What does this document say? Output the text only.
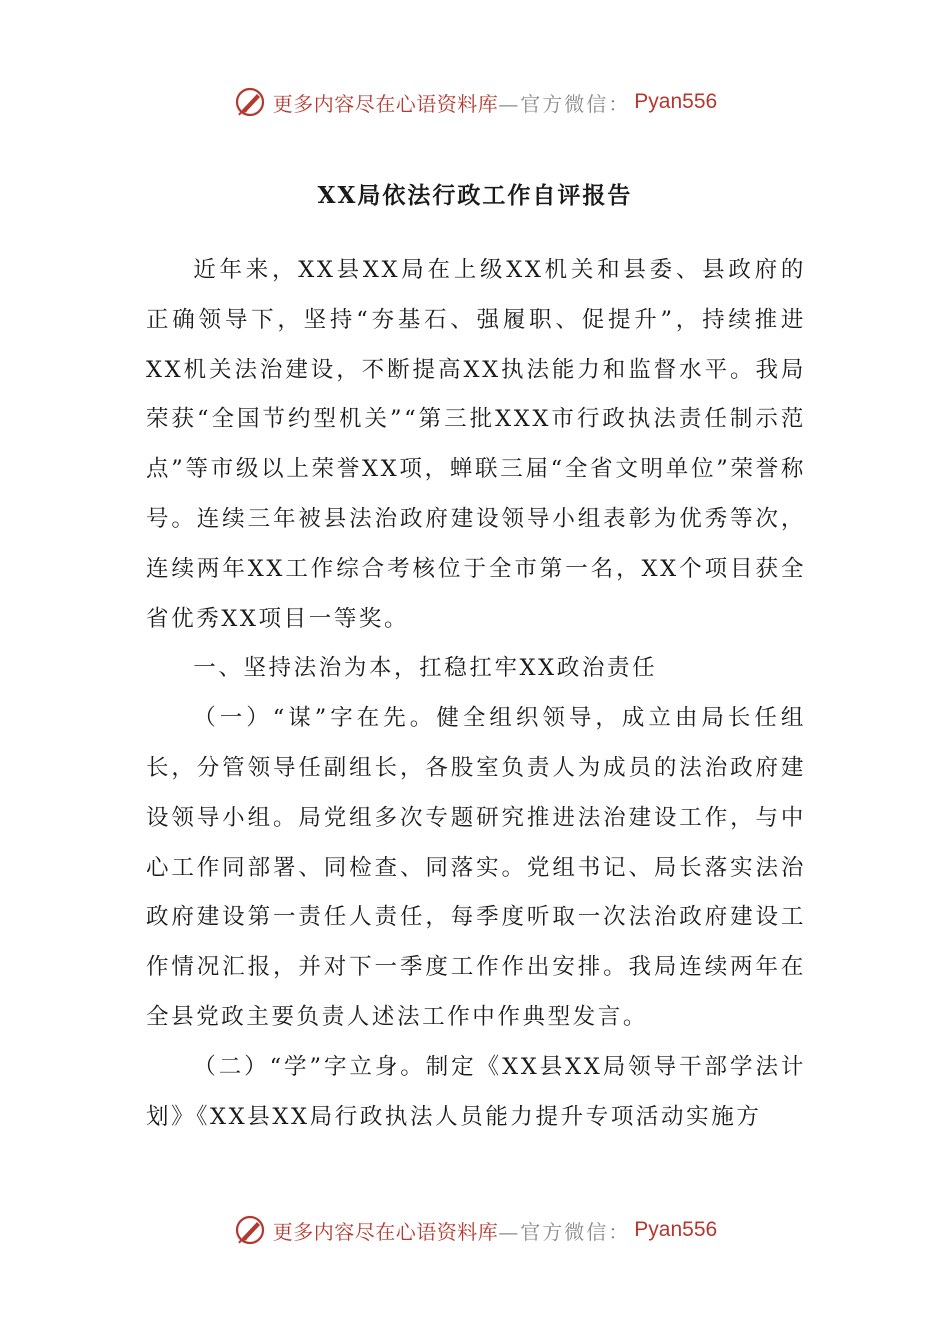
更多内容尽在心语资料库 —官方微信： Pyan556
XX局依法行政工作自评报告

近年来，XX县XX局在上级XX机关和县委、县政府的正确领导下，坚持“夯基石、强履职、促提升”，持续推进XX机关法治建设，不断提高XX执法能力和监督水平。我局荣获“全国节约型机关”“第三批XXX市行政执法责任制示范点”等市级以上荣誉XX项，蝉联三届“全省文明单位”荣誉称号。连续三年被县法治政府建设领导小组表彰为优秀等次，连续两年XX工作综合考核位于全市第一名，XX个项目获全省优秀XX项目一等奖。

一、坚持法治为本，扛稳扛牢XX政治责任

（一）“谋”字在先。健全组织领导，成立由局长任组长，分管领导任副组长，各股室负责人为成员的法治政府建设领导小组。局党组多次专题研究推进法治建设工作，与中心工作同部署、同检查、同落实。党组书记、局长落实法治政府建设第一责任人责任，每季度听取一次法治政府建设工作情况汇报，并对下一季度工作作出安排。我局连续两年在全县党政主要负责人述法工作中作典型发言。

（二）“学”字立身。制定《XX县XX局领导干部学法计划》《XX县XX局行政执法人员能力提升专项活动实施方

更多内容尽在心语资料库 —官方微信： Pyan556
